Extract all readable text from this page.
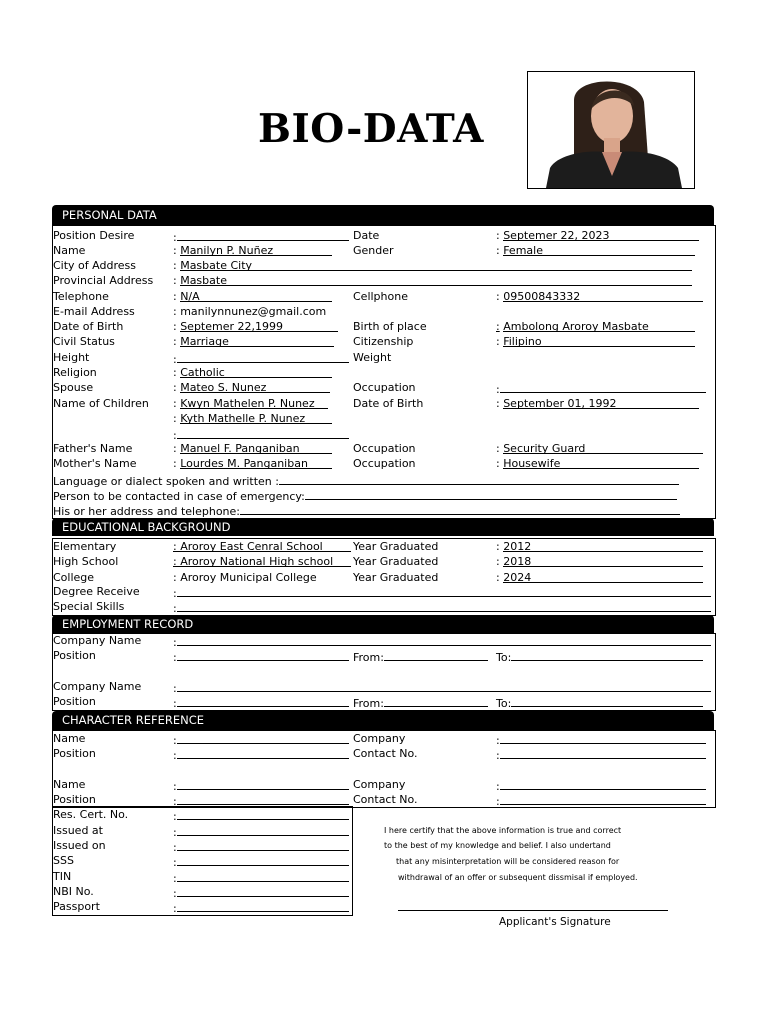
BIO-DATA
PERSONAL DATA
Position Desire	:	Date	: Septemer 22, 2023
Name	: Manilyn P. Nuñez	Gender	: Female
City of Address	: Masbate City
Provincial Address : Masbate
Telephone	: N/A	Cellphone	: 09500843332
E-mail Address	: manilynnunez@gmail.com
Date of Birth	: Septemer 22,1999	Birth of place	: Ambolong Aroroy Masbate
Civil Status	: Marriage	Citizenship	: Filipino
Height	:	Weight
Religion	: Catholic
Spouse	: Mateo S. Nunez	Occupation	:
Name of Children : Kwyn Mathelen P. Nunez	Date of Birth	: September 01, 1992
: Kyth Mathelle P. Nunez
:
Father's Name	: Manuel F. Panganiban	Occupation	: Security Guard
Mother's Name	: Lourdes M. Panganiban	Occupation	: Housewife
Language or dialect spoken and written :
Person to be contacted in case of emergency:
His or her address and telephone:
EDUCATIONAL BACKGROUND
Elementary	: Aroroy East Cenral School	Year Graduated	: 2012
High School	: Aroroy National High school	Year Graduated	: 2018
College	: Aroroy Municipal College	Year Graduated	: 2024
Degree Receive	:
Special Skills	:
EMPLOYMENT RECORD
Company Name	:
Position	:	From:	To:
Company Name	:
Position	:	From:	To:
CHARACTER REFERENCE
Name	:	Company	:
Position	:	Contact No.	:
Name	:	Company	:
Position	:	Contact No.	:
Res. Cert. No.	:
Issued at	:
Issued on	:
SSS	:
TIN	:
NBI No.	:
Passport	:
I here certify that the above information is true and correct
to the best of my knowledge and belief. I also undertand
that any misinterpretation will be considered reason for
withdrawal of an offer or subsequent dissmisal if employed.
Applicant's Signature
